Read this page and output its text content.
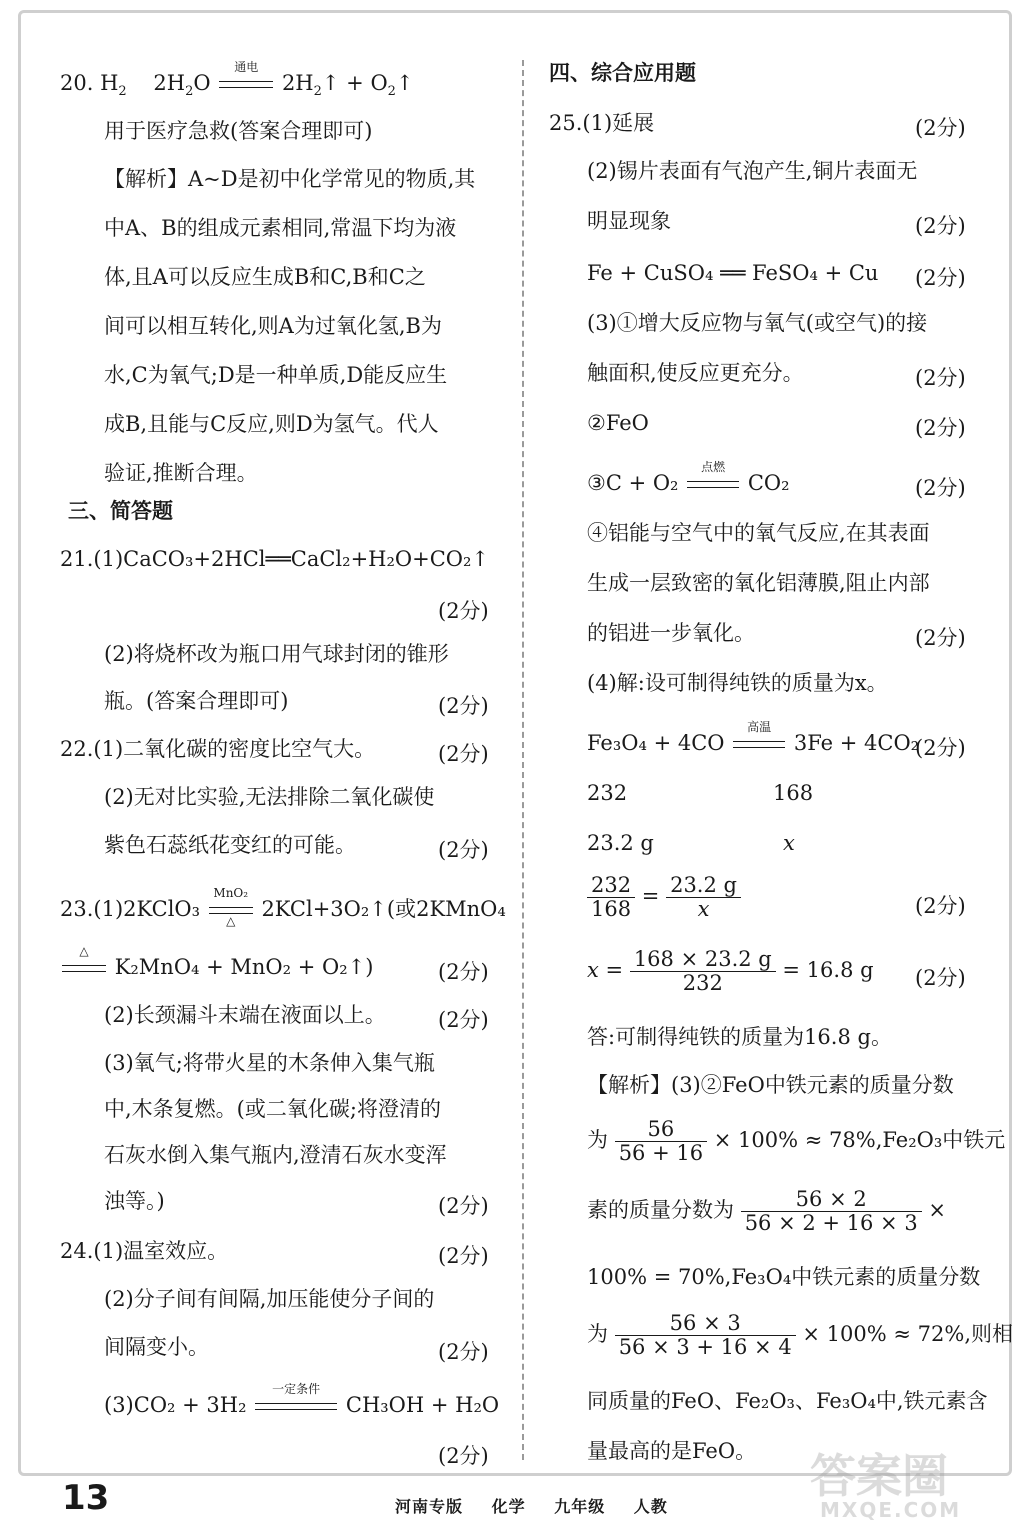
20. $H_2$ $2H_2O$
通电
$2H_2↑$ + $O_2↑$
用于医疗急救(答案合理即可)
【解析】A~D是初中化学常见的物质,其
中A、B的组成元素相同,常温下均为液
体,且A可以反应生成B和C,B和C之
间可以相互转化,则A为过氧化氢,B为
水,C为氧气;D是一种单质,D能反应生
成B,且能与C反应,则D为氢气。代人
验证,推断合理。
三、简答题
21.(1)CaCO₃+2HCl══CaCl₂+H₂O+CO₂↑
(2分)
(2)将烧杯改为瓶口用气球封闭的锥形
瓶。(答案合理即可)	(2分)
22.(1)二氧化碳的密度比空气大。	(2分)
(2)无对比实验,无法排除二氧化碳使
紫色石蕊纸花变红的可能。	(2分)
23.(1)2KClO₃
MnO₂
△	2KCl+3O₂↑(或2KMnO₄
△
K₂MnO₄ + MnO₂ + O₂↑)	(2分)
(2)长颈漏斗末端在液面以上。 (2分)
(3)氧气;将带火星的木条伸入集气瓶
中,木条复燃。(或二氧化碳;将澄清的
石灰水倒入集气瓶内,澄清石灰水变浑
浊等。)	(2分)
24.(1)温室效应。	(2分)
(2)分子间有间隔,加压能使分子间的
间隔变小。	(2分)
(3)CO₂ + 3H₂
一定条件
CH₃OH + H₂O
(2分)
四、综合应用题
25.(1)延展	(2分)
(2)锡片表面有气泡产生,铜片表面无
明显现象	(2分)
Fe + CuSO₄ ══ FeSO₄ + Cu (2分)
(3)①增大反应物与氧气(或空气)的接
触面积,使反应更充分。	(2分)
②FeO	(2分)
③C + O₂
点燃
CO₂	(2分)
④铝能与空气中的氧气反应,在其表面
生成一层致密的氧化铝薄膜,阻止内部
的铝进一步氧化。	(2分)
(4)解:设可制得纯铁的质量为x。
Fe₃O₄ + 4CO
高温
3Fe + 4CO₂
(2分)
232	168
23.2 g	x
$\frac{232}{168} = \frac{23.2 g}{x}$	(2分)
$x = \frac{168 \times 23.2 g}{232} = 16.8$ g (2分)
答:可制得纯铁的质量为16.8 g。
【解析】(3)②FeO中铁元素的质量分数
为 $\frac{56}{56 + 16} \times 100\% \approx 78\%,Fe_2O_3$中铁元
素的质量分数为 $\frac{56 \times 2}{56 \times 2 + 16 \times 3}$ ×
100% = 70%,Fe₃O₄中铁元素的质量分数
为 $\frac{56 \times 3}{56 \times 3 + 16 \times 4} \times 100\% \approx 72\%$,则相
同质量的FeO、Fe₂O₃、Fe₃O₄中,铁元素含
量最高的是FeO。
13	河南专版 化学 九年级 人教
答案圈
MXQE.COM
